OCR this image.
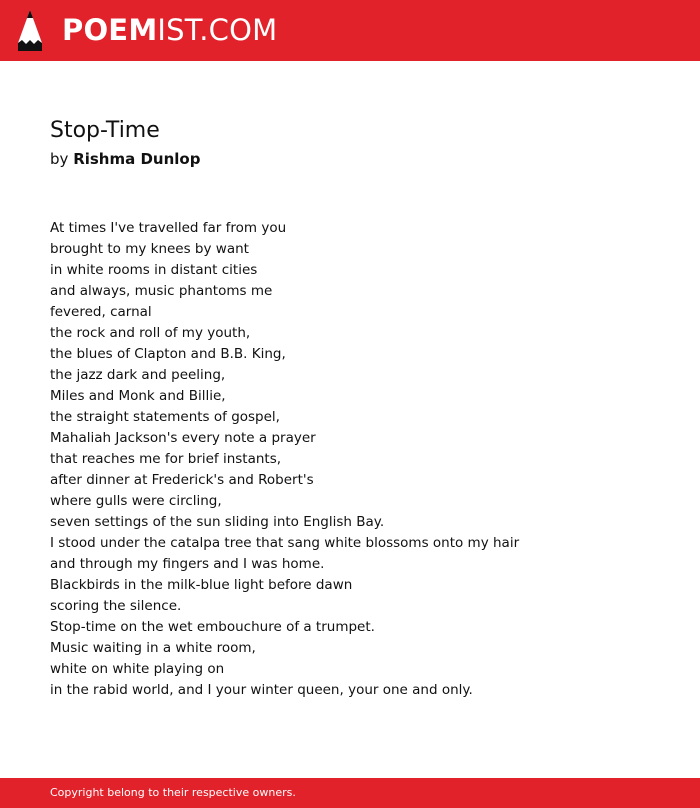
POEMIST.COM
Stop-Time
by Rishma Dunlop
At times I've travelled far from you
brought to my knees by want
in white rooms in distant cities
and always, music phantoms me
fevered, carnal
the rock and roll of my youth,
the blues of Clapton and B.B. King,
the jazz dark and peeling,
Miles and Monk and Billie,
the straight statements of gospel,
Mahaliah Jackson's every note a prayer
that reaches me for brief instants,
after dinner at Frederick's and Robert's
where gulls were circling,
seven settings of the sun sliding into English Bay.
I stood under the catalpa tree that sang white blossoms onto my hair
and through my fingers and I was home.
Blackbirds in the milk-blue light before dawn
scoring the silence.
Stop-time on the wet embouchure of a trumpet.
Music waiting in a white room,
white on white playing on
in the rabid world, and I your winter queen, your one and only.
Copyright belong to their respective owners.
